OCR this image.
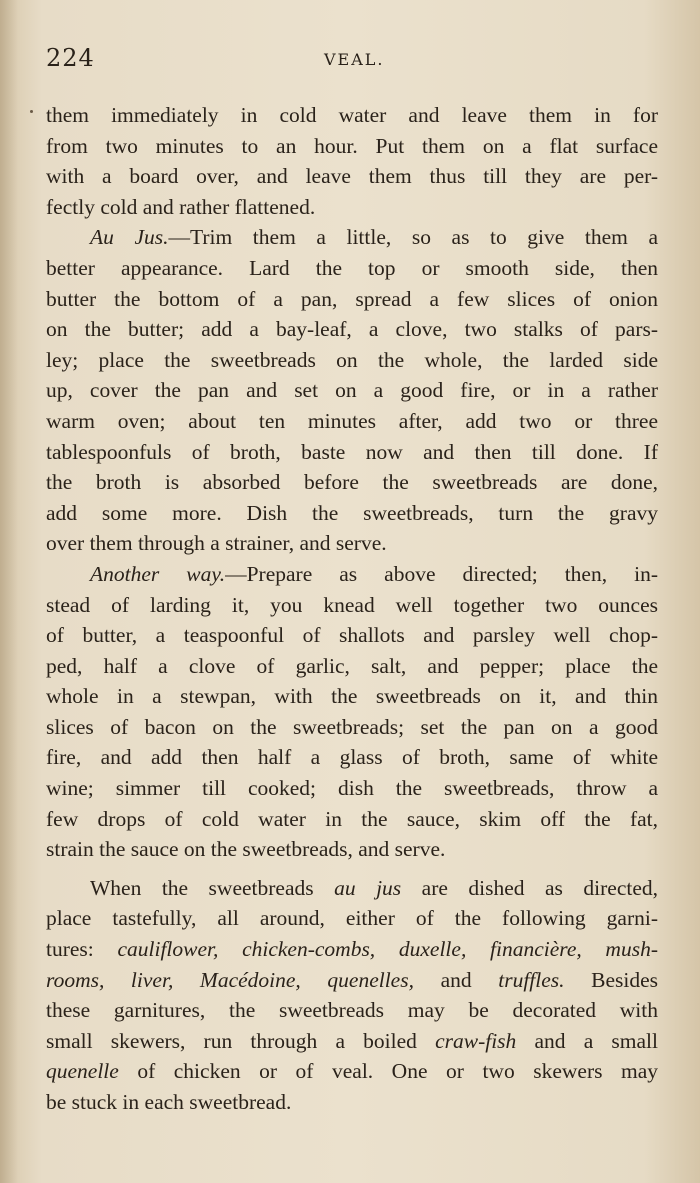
224	VEAL.
them immediately in cold water and leave them in for
from two minutes to an hour. Put them on a flat surface
with a board over, and leave them thus till they are per-
fectly cold and rather flattened.
Au Jus.—Trim them a little, so as to give them a
better appearance. Lard the top or smooth side, then
butter the bottom of a pan, spread a few slices of onion
on the butter; add a bay-leaf, a clove, two stalks of pars-
ley; place the sweetbreads on the whole, the larded side
up, cover the pan and set on a good fire, or in a rather
warm oven; about ten minutes after, add two or three
tablespoonfuls of broth, baste now and then till done. If
the broth is absorbed before the sweetbreads are done,
add some more. Dish the sweetbreads, turn the gravy
over them through a strainer, and serve.
Another way.—Prepare as above directed; then, in-
stead of larding it, you knead well together two ounces
of butter, a teaspoonful of shallots and parsley well chop-
ped, half a clove of garlic, salt, and pepper; place the
whole in a stewpan, with the sweetbreads on it, and thin
slices of bacon on the sweetbreads; set the pan on a good
fire, and add then half a glass of broth, same of white
wine; simmer till cooked; dish the sweetbreads, throw a
few drops of cold water in the sauce, skim off the fat,
strain the sauce on the sweetbreads, and serve.
When the sweetbreads au jus are dished as directed,
place tastefully, all around, either of the following garni-
tures: cauliflower, chicken-combs, duxelle, financière, mush-
rooms, liver, Macédoine, quenelles, and truffles. Besides
these garnitures, the sweetbreads may be decorated with
small skewers, run through a boiled craw-fish and a small
quenelle of chicken or of veal. One or two skewers may
be stuck in each sweetbread.
